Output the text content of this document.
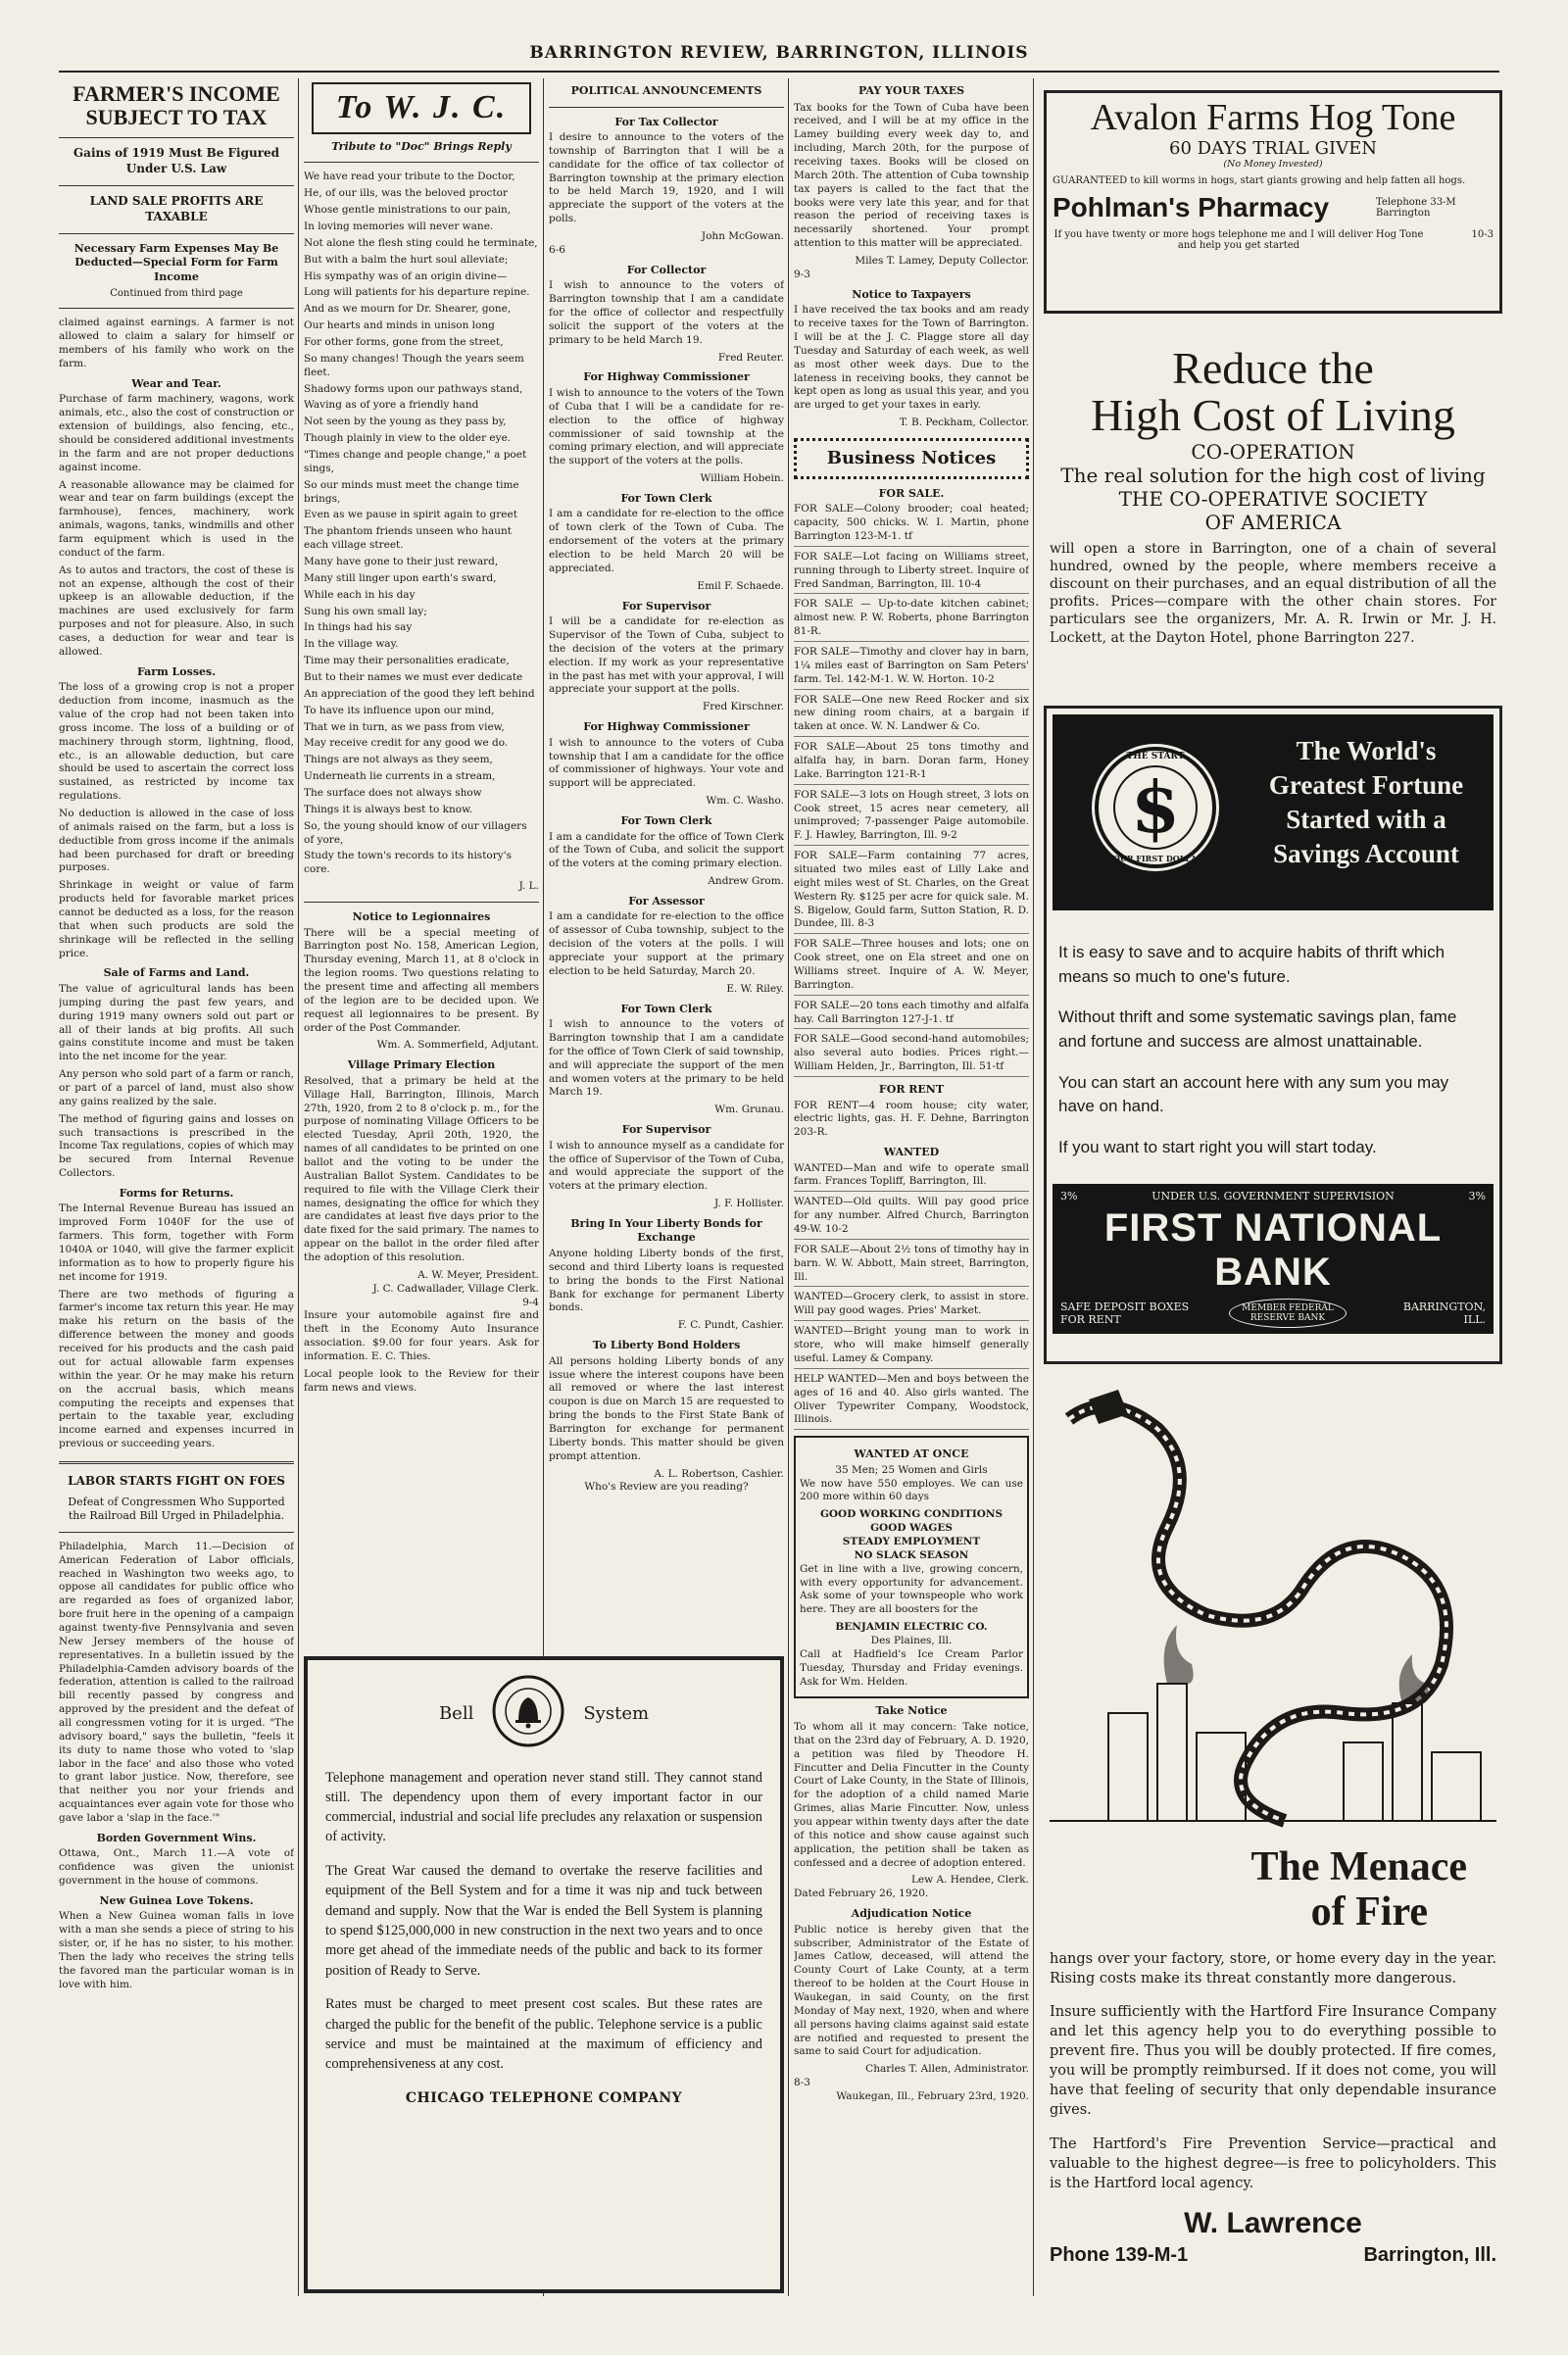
BARRINGTON REVIEW, BARRINGTON, ILLINOIS
FARMER'S INCOME SUBJECT TO TAX
Gains of 1919 Must Be Figured Under U.S. Law
LAND SALE PROFITS ARE TAXABLE
Necessary Farm Expenses May Be Deducted—Special Form for Farm Income
Continued from third page

claimed against earnings. A farmer is not allowed to claim a salary for himself or members of his family who work on the farm.

Wear and Tear.

Purchase of farm machinery, wagons, work animals, etc., also the cost of construction or extension of buildings, also fencing, etc., should be considered additional investments in the farm and are not proper deductions against income.

A reasonable allowance may be claimed for wear and tear on farm buildings (except the farmhouse), fences, machinery, work animals, wagons, tanks, windmills and other farm equipment which is used in the conduct of the farm.

As to autos and tractors, the cost of these is not an expense, although the cost of their upkeep is an allowable deduction, if the machines are used exclusively for farm purposes and not for pleasure. Also, in such cases, a deduction for wear and tear is allowed.

Farm Losses.

The loss of a growing crop is not a proper deduction from income, inasmuch as the value of the crop had not been taken into gross income. The loss of a building or of machinery through storm, lightning, flood, etc., is an allowable deduction, but care should be used to ascertain the correct loss sustained, as restricted by income tax regulations.

No deduction is allowed in the case of loss of animals raised on the farm, but a loss is deductible from gross income if the animals had been purchased for draft or breeding purposes.

Shrinkage in weight or value of farm products held for favorable market prices cannot be deducted as a loss, for the reason that when such products are sold the shrinkage will be reflected in the selling price.

Sale of Farms and Land.

The value of agricultural lands has been jumping during the past few years, and during 1919 many owners sold out part or all of their lands at big profits. All such gains constitute income and must be taken into the net income for the year.

Any person who sold part of a farm or ranch, or part of a parcel of land, must also show any gains realized by the sale.

The method of figuring gains and losses on such transactions is prescribed in the Income Tax regulations, copies of which may be secured from Internal Revenue Collectors.

Forms for Returns.

The Internal Revenue Bureau has issued an improved Form 1040F for the use of farmers. This form, together with Form 1040A or 1040, will give the farmer explicit information as to how to properly figure his net income for 1919.

There are two methods of figuring a farmer's income tax return this year. He may make his return on the basis of the difference between the money and goods received for his products and the cash paid out for actual allowable farm expenses within the year. Or he may make his return on the accrual basis, which means computing the receipts and expenses that pertain to the taxable year, excluding income earned and expenses incurred in previous or succeeding years.

LABOR STARTS FIGHT ON FOES
Defeat of Congressmen Who Supported the Railroad Bill Urged in Philadelphia.

Philadelphia, March 11.—Decision of American Federation of Labor officials, reached in Washington two weeks ago, to oppose all candidates for public office who are regarded as foes of organized labor, bore fruit here in the opening of a campaign against twenty-five Pennsylvania and seven New Jersey members of the house of representatives. In a bulletin issued by the Philadelphia-Camden advisory boards of the federation, attention is called to the railroad bill recently passed by congress and approved by the president and the defeat of all congressmen voting for it is urged. "The advisory board," says the bulletin, "feels it its duty to name those who voted to 'slap labor in the face' and also those who voted to grant labor justice. Now, therefore, see that neither you nor your friends and acquaintances ever again vote for those who gave labor a 'slap in the face.'"

Borden Government Wins.

Ottawa, Ont., March 11.—A vote of confidence was given the unionist government in the house of commons.

New Guinea Love Tokens.

When a New Guinea woman falls in love with a man she sends a piece of string to his sister, or, if he has no sister, to his mother. Then the lady who receives the string tells the favored man the particular woman is in love with him.

To W. J. C.
Tribute to "Doc" Brings Reply

We have read your tribute to the Doctor,

He, of our ills, was the beloved proctor

Whose gentle ministrations to our pain,

In loving memories will never wane.

Not alone the flesh sting could he terminate,

But with a balm the hurt soul alleviate;

His sympathy was of an origin divine—

Long will patients for his departure repine.

And as we mourn for Dr. Shearer, gone,

Our hearts and minds in unison long

For other forms, gone from the street,

So many changes! Though the years seem fleet.

Shadowy forms upon our pathways stand,

Waving as of yore a friendly hand

Not seen by the young as they pass by,

Though plainly in view to the older eye.

"Times change and people change," a poet sings,

So our minds must meet the change time brings,

Even as we pause in spirit again to greet

The phantom friends unseen who haunt each village street.

Many have gone to their just reward,

Many still linger upon earth's sward,

While each in his day

Sung his own small lay;

In things had his say

In the village way.

Time may their personalities eradicate,

But to their names we must ever dedicate

An appreciation of the good they left behind

To have its influence upon our mind,

That we in turn, as we pass from view,

May receive credit for any good we do.

Things are not always as they seem,

Underneath lie currents in a stream,

The surface does not always show

Things it is always best to know.

So, the young should know of our villagers of yore,

Study the town's records to its history's core.

J. L.
Notice to Legionnaires

There will be a special meeting of Barrington post No. 158, American Legion, Thursday evening, March 11, at 8 o'clock in the legion rooms. Two questions relating to the present time and affecting all members of the legion are to be decided upon. We request all legionnaires to be present. By order of the Post Commander.

Wm. A. Sommerfield, Adjutant.
Village Primary Election

Resolved, that a primary be held at the Village Hall, Barrington, Illinois, March 27th, 1920, from 2 to 8 o'clock p. m., for the purpose of nominating Village Officers to be elected Tuesday, April 20th, 1920, the names of all candidates to be printed on one ballot and the voting to be under the Australian Ballot System. Candidates to be required to file with the Village Clerk their names, designating the office for which they are candidates at least five days prior to the date fixed for the said primary. The names to appear on the ballot in the order filed after the adoption of this resolution.

A. W. Meyer, President.
J. C. Cadwallader, Village Clerk.
9-4

Insure your automobile against fire and theft in the Economy Auto Insurance association. $9.00 for four years. Ask for information. E. C. Thies.

Local people look to the Review for their farm news and views.

POLITICAL ANNOUNCEMENTS
For Tax Collector

I desire to announce to the voters of the township of Barrington that I will be a candidate for the office of tax collector of Barrington township at the primary election to be held March 19, 1920, and I will appreciate the support of the voters at the polls.

John McGowan.
6-6
For Collector

I wish to announce to the voters of Barrington township that I am a candidate for the office of collector and respectfully solicit the support of the voters at the primary to be held March 19.

Fred Reuter.
For Highway Commissioner

I wish to announce to the voters of the Town of Cuba that I will be a candidate for re-election to the office of highway commissioner of said township at the coming primary election, and will appreciate the support of the voters at the polls.

William Hobein.
For Town Clerk

I am a candidate for re-election to the office of town clerk of the Town of Cuba. The endorsement of the voters at the primary election to be held March 20 will be appreciated.

Emil F. Schaede.
For Supervisor

I will be a candidate for re-election as Supervisor of the Town of Cuba, subject to the decision of the voters at the primary election. If my work as your representative in the past has met with your approval, I will appreciate your support at the polls.

Fred Kirschner.
For Highway Commissioner

I wish to announce to the voters of Cuba township that I am a candidate for the office of commissioner of highways. Your vote and support will be appreciated.

Wm. C. Washo.
For Town Clerk

I am a candidate for the office of Town Clerk of the Town of Cuba, and solicit the support of the voters at the coming primary election.

Andrew Grom.
For Assessor

I am a candidate for re-election to the office of assessor of Cuba township, subject to the decision of the voters at the polls. I will appreciate your support at the primary election to be held Saturday, March 20.

E. W. Riley.
For Town Clerk

I wish to announce to the voters of Barrington township that I am a candidate for the office of Town Clerk of said township, and will appreciate the support of the men and women voters at the primary to be held March 19.

Wm. Grunau.
For Supervisor

I wish to announce myself as a candidate for the office of Supervisor of the Town of Cuba, and would appreciate the support of the voters at the primary election.

J. F. Hollister.
Bring In Your Liberty Bonds for Exchange

Anyone holding Liberty bonds of the first, second and third Liberty loans is requested to bring the bonds to the First National Bank for exchange for permanent Liberty bonds.

F. C. Pundt, Cashier.
To Liberty Bond Holders

All persons holding Liberty bonds of any issue where the interest coupons have been all removed or where the last interest coupon is due on March 15 are requested to bring the bonds to the First State Bank of Barrington for exchange for permanent Liberty bonds. This matter should be given prompt attention.

A. L. Robertson, Cashier.
Who's Review are you reading?
PAY YOUR TAXES

Tax books for the Town of Cuba have been received, and I will be at my office in the Lamey building every week day to, and including, March 20th, for the purpose of receiving taxes. Books will be closed on March 20th. The attention of Cuba township tax payers is called to the fact that the books were very late this year, and for that reason the period of receiving taxes is necessarily shortened. Your prompt attention to this matter will be appreciated.

Miles T. Lamey, Deputy Collector.
9-3
Notice to Taxpayers

I have received the tax books and am ready to receive taxes for the Town of Barrington. I will be at the J. C. Plagge store all day Tuesday and Saturday of each week, as well as most other week days. Due to the lateness in receiving books, they cannot be kept open as long as usual this year, and you are urged to get your taxes in early.

T. B. Peckham, Collector.
Business Notices
FOR SALE.

FOR SALE—Colony brooder; coal heated; capacity, 500 chicks. W. I. Martin, phone Barrington 123-M-1. tf

FOR SALE—Lot facing on Williams street, running through to Liberty street. Inquire of Fred Sandman, Barrington, Ill. 10-4

FOR SALE — Up-to-date kitchen cabinet; almost new. P. W. Roberts, phone Barrington 81-R.

FOR SALE—Timothy and clover hay in barn, 1¼ miles east of Barrington on Sam Peters' farm. Tel. 142-M-1. W. W. Horton. 10-2

FOR SALE—One new Reed Rocker and six new dining room chairs, at a bargain if taken at once. W. N. Landwer & Co.

FOR SALE—About 25 tons timothy and alfalfa hay, in barn. Doran farm, Honey Lake. Barrington 121-R-1

FOR SALE—3 lots on Hough street, 3 lots on Cook street, 15 acres near cemetery, all unimproved; 7-passenger Paige automobile. F. J. Hawley, Barrington, Ill. 9-2

FOR SALE—Farm containing 77 acres, situated two miles east of Lilly Lake and eight miles west of St. Charles, on the Great Western Ry. $125 per acre for quick sale. M. S. Bigelow, Gould farm, Sutton Station, R. D. Dundee, Ill. 8-3

FOR SALE—Three houses and lots; one on Cook street, one on Ela street and one on Williams street. Inquire of A. W. Meyer, Barrington.

FOR SALE—20 tons each timothy and alfalfa hay. Call Barrington 127-J-1. tf

FOR SALE—Good second-hand automobiles; also several auto bodies. Prices right.—William Helden, Jr., Barrington, Ill. 51-tf

FOR RENT

FOR RENT—4 room house; city water, electric lights, gas. H. F. Dehne, Barrington 203-R.

WANTED

WANTED—Man and wife to operate small farm. Frances Topliff, Barrington, Ill.

WANTED—Old quilts. Will pay good price for any number. Alfred Church, Barrington 49-W. 10-2

FOR SALE—About 2½ tons of timothy hay in barn. W. W. Abbott, Main street, Barrington, Ill.

WANTED—Grocery clerk, to assist in store. Will pay good wages. Pries' Market.

WANTED—Bright young man to work in store, who will make himself generally useful. Lamey & Company.

HELP WANTED—Men and boys between the ages of 16 and 40. Also girls wanted. The Oliver Typewriter Company, Woodstock, Illinois.

WANTED AT ONCE
35 Men; 25 Women and Girls

We now have 550 employes. We can use 200 more within 60 days

GOOD WORKING CONDITIONS
GOOD WAGES
STEADY EMPLOYMENT
NO SLACK SEASON

Get in line with a live, growing concern, with every opportunity for advancement. Ask some of your townspeople who work here. They are all boosters for the

BENJAMIN ELECTRIC CO.
Des Plaines, Ill.

Call at Hadfield's Ice Cream Parlor Tuesday, Thursday and Friday evenings. Ask for Wm. Helden.

Take Notice

To whom all it may concern: Take notice, that on the 23rd day of February, A. D. 1920, a petition was filed by Theodore H. Fincutter and Delia Fincutter in the County Court of Lake County, in the State of Illinois, for the adoption of a child named Marie Grimes, alias Marie Fincutter. Now, unless you appear within twenty days after the date of this notice and show cause against such application, the petition shall be taken as confessed and a decree of adoption entered.

Lew A. Hendee, Clerk.
Dated February 26, 1920.
Adjudication Notice

Public notice is hereby given that the subscriber, Administrator of the Estate of James Catlow, deceased, will attend the County Court of Lake County, at a term thereof to be holden at the Court House in Waukegan, in said County, on the first Monday of May next, 1920, when and where all persons having claims against said estate are notified and requested to present the same to said Court for adjudication.

Charles T. Allen, Administrator.
8-3
Waukegan, Ill., February 23rd, 1920.
Bell	System

Telephone management and operation never stand still. They cannot stand still. The dependency upon them of every important factor in our commercial, industrial and social life precludes any relaxation or suspension of activity.

The Great War caused the demand to overtake the reserve facilities and equipment of the Bell System and for a time it was nip and tuck between demand and supply. Now that the War is ended the Bell System is planning to spend $125,000,000 in new construction in the next two years and to once more get ahead of the immediate needs of the public and back to its former position of Ready to Serve.

Rates must be charged to meet present cost scales. But these rates are charged the public for the benefit of the public. Telephone service is a public service and must be maintained at the maximum of efficiency and comprehensiveness at any cost.

CHICAGO TELEPHONE COMPANY
Avalon Farms Hog Tone
60 DAYS TRIAL GIVEN
(No Money Invested)
GUARANTEED to kill worms in hogs, start giants growing and help fatten all hogs.
Pohlman's Pharmacy	Telephone 33-M Barrington
If you have twenty or more hogs telephone me and I will deliver Hog Tone and help you get started
10-3
Reduce the
High Cost of Living
CO-OPERATION
The real solution for the high cost of living
THE CO-OPERATIVE SOCIETY
OF AMERICA
will open a store in Barrington, one of a chain of several hundred, owned by the people, where members receive a discount on their purchases, and an equal distribution of all the profits. Prices—compare with the other chain stores. For particulars see the organizers, Mr. A. R. Irwin or Mr. J. H. Lockett, at the Dayton Hotel, phone Barrington 227.
$
THE START
YOUR FIRST DOLLAR
The World's Greatest Fortune Started with a Savings Account

It is easy to save and to acquire habits of thrift which means so much to one's future.

Without thrift and some systematic savings plan, fame and fortune and success are almost unattainable.

You can start an account here with any sum you may have on hand.

If you want to start right you will start today.

3%	UNDER U.S. GOVERNMENT SUPERVISION	3%
FIRST NATIONAL BANK
SAFE DEPOSIT BOXES FOR RENT
MEMBER FEDERAL RESERVE BANK
BARRINGTON, ILL.
The Menace
of Fire

hangs over your factory, store, or home every day in the year. Rising costs make its threat constantly more dangerous.

Insure sufficiently with the Hartford Fire Insurance Company and let this agency help you to do everything possible to prevent fire. Thus you will be doubly protected. If fire comes, you will be promptly reimbursed. If it does not come, you will have that feeling of security that only dependable insurance gives.

The Hartford's Fire Prevention Service—practical and valuable to the highest degree—is free to policyholders. This is the Hartford local agency.

W. Lawrence
Phone 139-M-1	Barrington, Ill.
